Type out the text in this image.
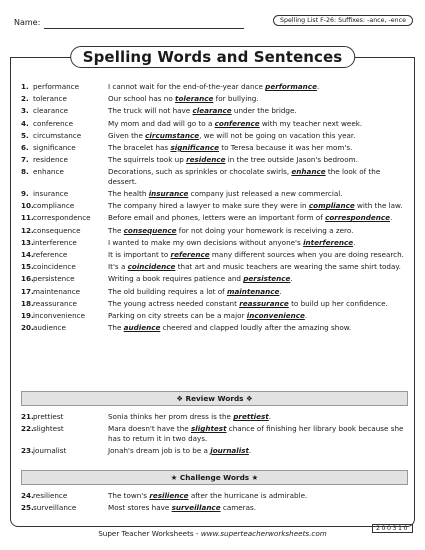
Name:	Spelling List F-26: Suffixes: -ance, -ence
Spelling Words and Sentences
1. performance	I cannot wait for the end-of-the-year dance performance.
2. tolerance	Our school has no tolerance for bullying.
3. clearance	The truck will not have clearance under the bridge.
4. conference	My mom and dad will go to a conference with my teacher next week.
5. circumstance	Given the circumstance, we will not be going on vacation this year.
6. significance	The bracelet has significance to Teresa because it was her mom's.
7. residence	The squirrels took up residence in the tree outside Jason's bedroom.
8. enhance	Decorations, such as sprinkles or chocolate swirls, enhance the look of the dessert.
9. insurance	The health insurance company just released a new commercial.
10. compliance	The company hired a lawyer to make sure they were in compliance with the law.
11. correspondence	Before email and phones, letters were an important form of correspondence.
12. consequence	The consequence for not doing your homework is receiving a zero.
13. interference	I wanted to make my own decisions without anyone's interference.
14. reference	It is important to reference many different sources when you are doing research.
15. coincidence	It's a coincidence that art and music teachers are wearing the same shirt today.
16. persistence	Writing a book requires patience and persistence.
17. maintenance	The old building requires a lot of maintenance.
18. reassurance	The young actress needed constant reassurance to build up her confidence.
19. inconvenience	Parking on city streets can be a major inconvenience.
20. audience	The audience cheered and clapped loudly after the amazing show.
❖ Review Words ❖
21. prettiest	Sonia thinks her prom dress is the prettiest.
22. slightest	Mara doesn't have the slightest chance of finishing her library book because she has to return it in two days.
23. journalist	Jonah's dream job is to be a journalist.
★ Challenge Words ★
24. resilience	The town's resilience after the hurricane is admirable.
25. surveillance	Most stores have surveillance cameras.
Super Teacher Worksheets - www.superteacherworksheets.com
200310
